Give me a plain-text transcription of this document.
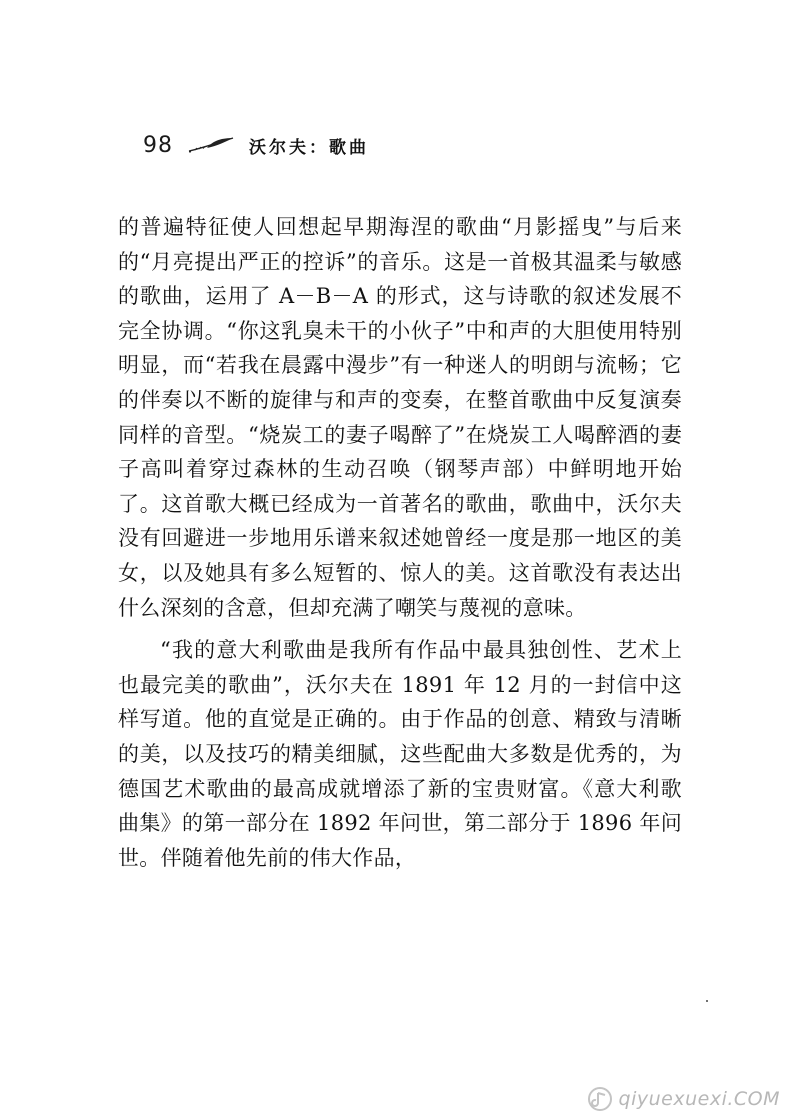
98	沃尔夫：歌曲

的普遍特征使人回想起早期海涅的歌曲“月影摇曳”与后来的“月亮提出严正的控诉”的音乐。这是一首极其温柔与敏感的歌曲，运用了 A－B－A 的形式，这与诗歌的叙述发展不完全协调。“你这乳臭未干的小伙子”中和声的大胆使用特别明显，而“若我在晨露中漫步”有一种迷人的明朗与流畅；它的伴奏以不断的旋律与和声的变奏，在整首歌曲中反复演奏同样的音型。“烧炭工的妻子喝醉了”在烧炭工人喝醉酒的妻子高叫着穿过森林的生动召唤（钢琴声部）中鲜明地开始了。这首歌大概已经成为一首著名的歌曲，歌曲中，沃尔夫没有回避进一步地用乐谱来叙述她曾经一度是那一地区的美女，以及她具有多么短暂的、惊人的美。这首歌没有表达出什么深刻的含意，但却充满了嘲笑与蔑视的意味。

“我的意大利歌曲是我所有作品中最具独创性、艺术上也最完美的歌曲”，沃尔夫在 1891 年 12 月的一封信中这样写道。他的直觉是正确的。由于作品的创意、精致与清晰的美，以及技巧的精美细腻，这些配曲大多数是优秀的，为德国艺术歌曲的最高成就增添了新的宝贵财富。《意大利歌曲集》的第一部分在 1892 年问世，第二部分于 1896 年问世。伴随着他先前的伟大作品，

qiyuexuexi.COM
